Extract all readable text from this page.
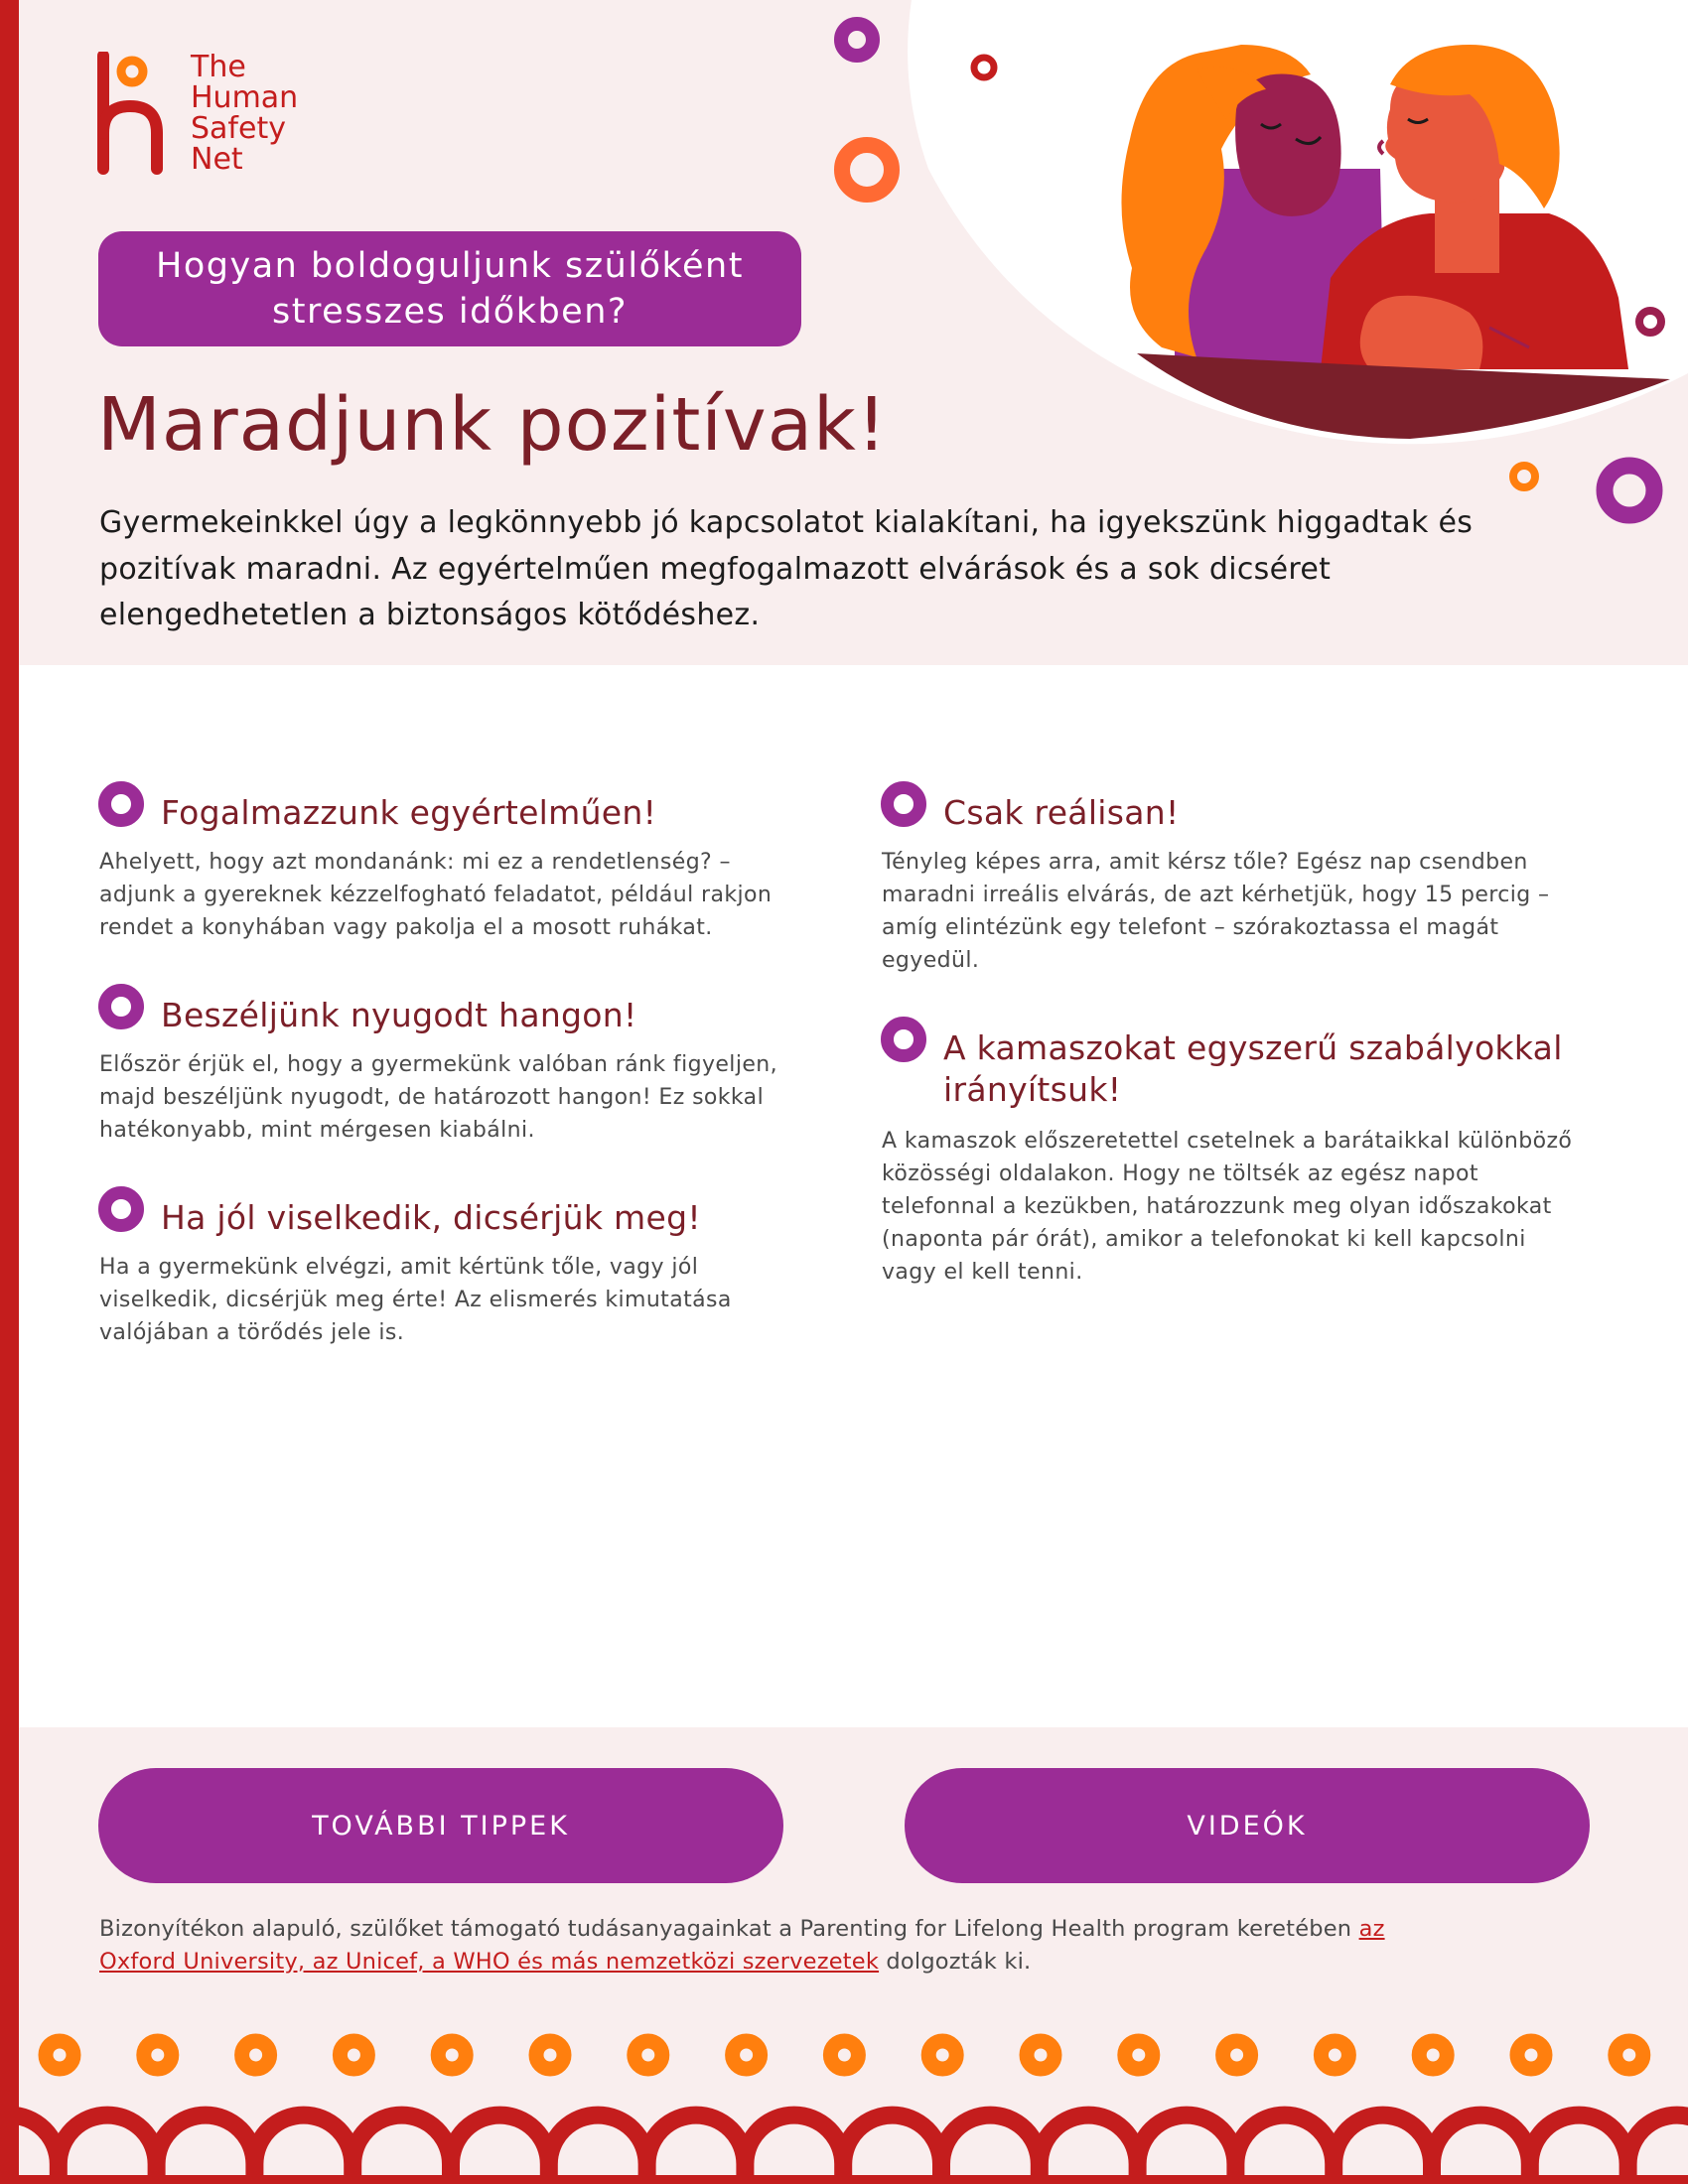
The
Human
Safety
Net
Hogyan boldoguljunk szülőként stresszes időkben?
Maradjunk pozitívak!

Gyermekeinkkel úgy a legkönnyebb jó kapcsolatot kialakítani, ha igyekszünk higgadtak és pozitívak maradni. Az egyértelműen megfogalmazott elvárások és a sok dicséret elengedhetetlen a biztonságos kötődéshez.

Fogalmazzunk egyértelműen!

Ahelyett, hogy azt mondanánk: mi ez a rendetlenség? – adjunk a gyereknek kézzelfogható feladatot, például rakjon rendet a konyhában vagy pakolja el a mosott ruhákat.

Beszéljünk nyugodt hangon!

Először érjük el, hogy a gyermekünk valóban ránk figyeljen, majd beszéljünk nyugodt, de határozott hangon! Ez sokkal hatékonyabb, mint mérgesen kiabálni.

Ha jól viselkedik, dicsérjük meg!

Ha a gyermekünk elvégzi, amit kértünk tőle, vagy jól viselkedik, dicsérjük meg érte! Az elismerés kimutatása valójában a törődés jele is.

Csak reálisan!

Tényleg képes arra, amit kérsz tőle? Egész nap csendben maradni irreális elvárás, de azt kérhetjük, hogy 15 percig – amíg elintézünk egy telefont – szórakoztassa el magát egyedül.

A kamaszokat egyszerű szabályokkal
irányítsuk!

A kamaszok előszeretettel csetelnek a barátaikkal különböző közösségi oldalakon. Hogy ne töltsék az egész napot telefonnal a kezükben, határozzunk meg olyan időszakokat (naponta pár órát), amikor a telefonokat ki kell kapcsolni vagy el kell tenni.

TOVÁBBI TIPPEK	VIDEÓK

Bizonyítékon alapuló, szülőket támogató tudásanyagainkat a Parenting for Lifelong Health program keretében az Oxford University, az Unicef, a WHO és más nemzetközi szervezetek dolgozták ki.
